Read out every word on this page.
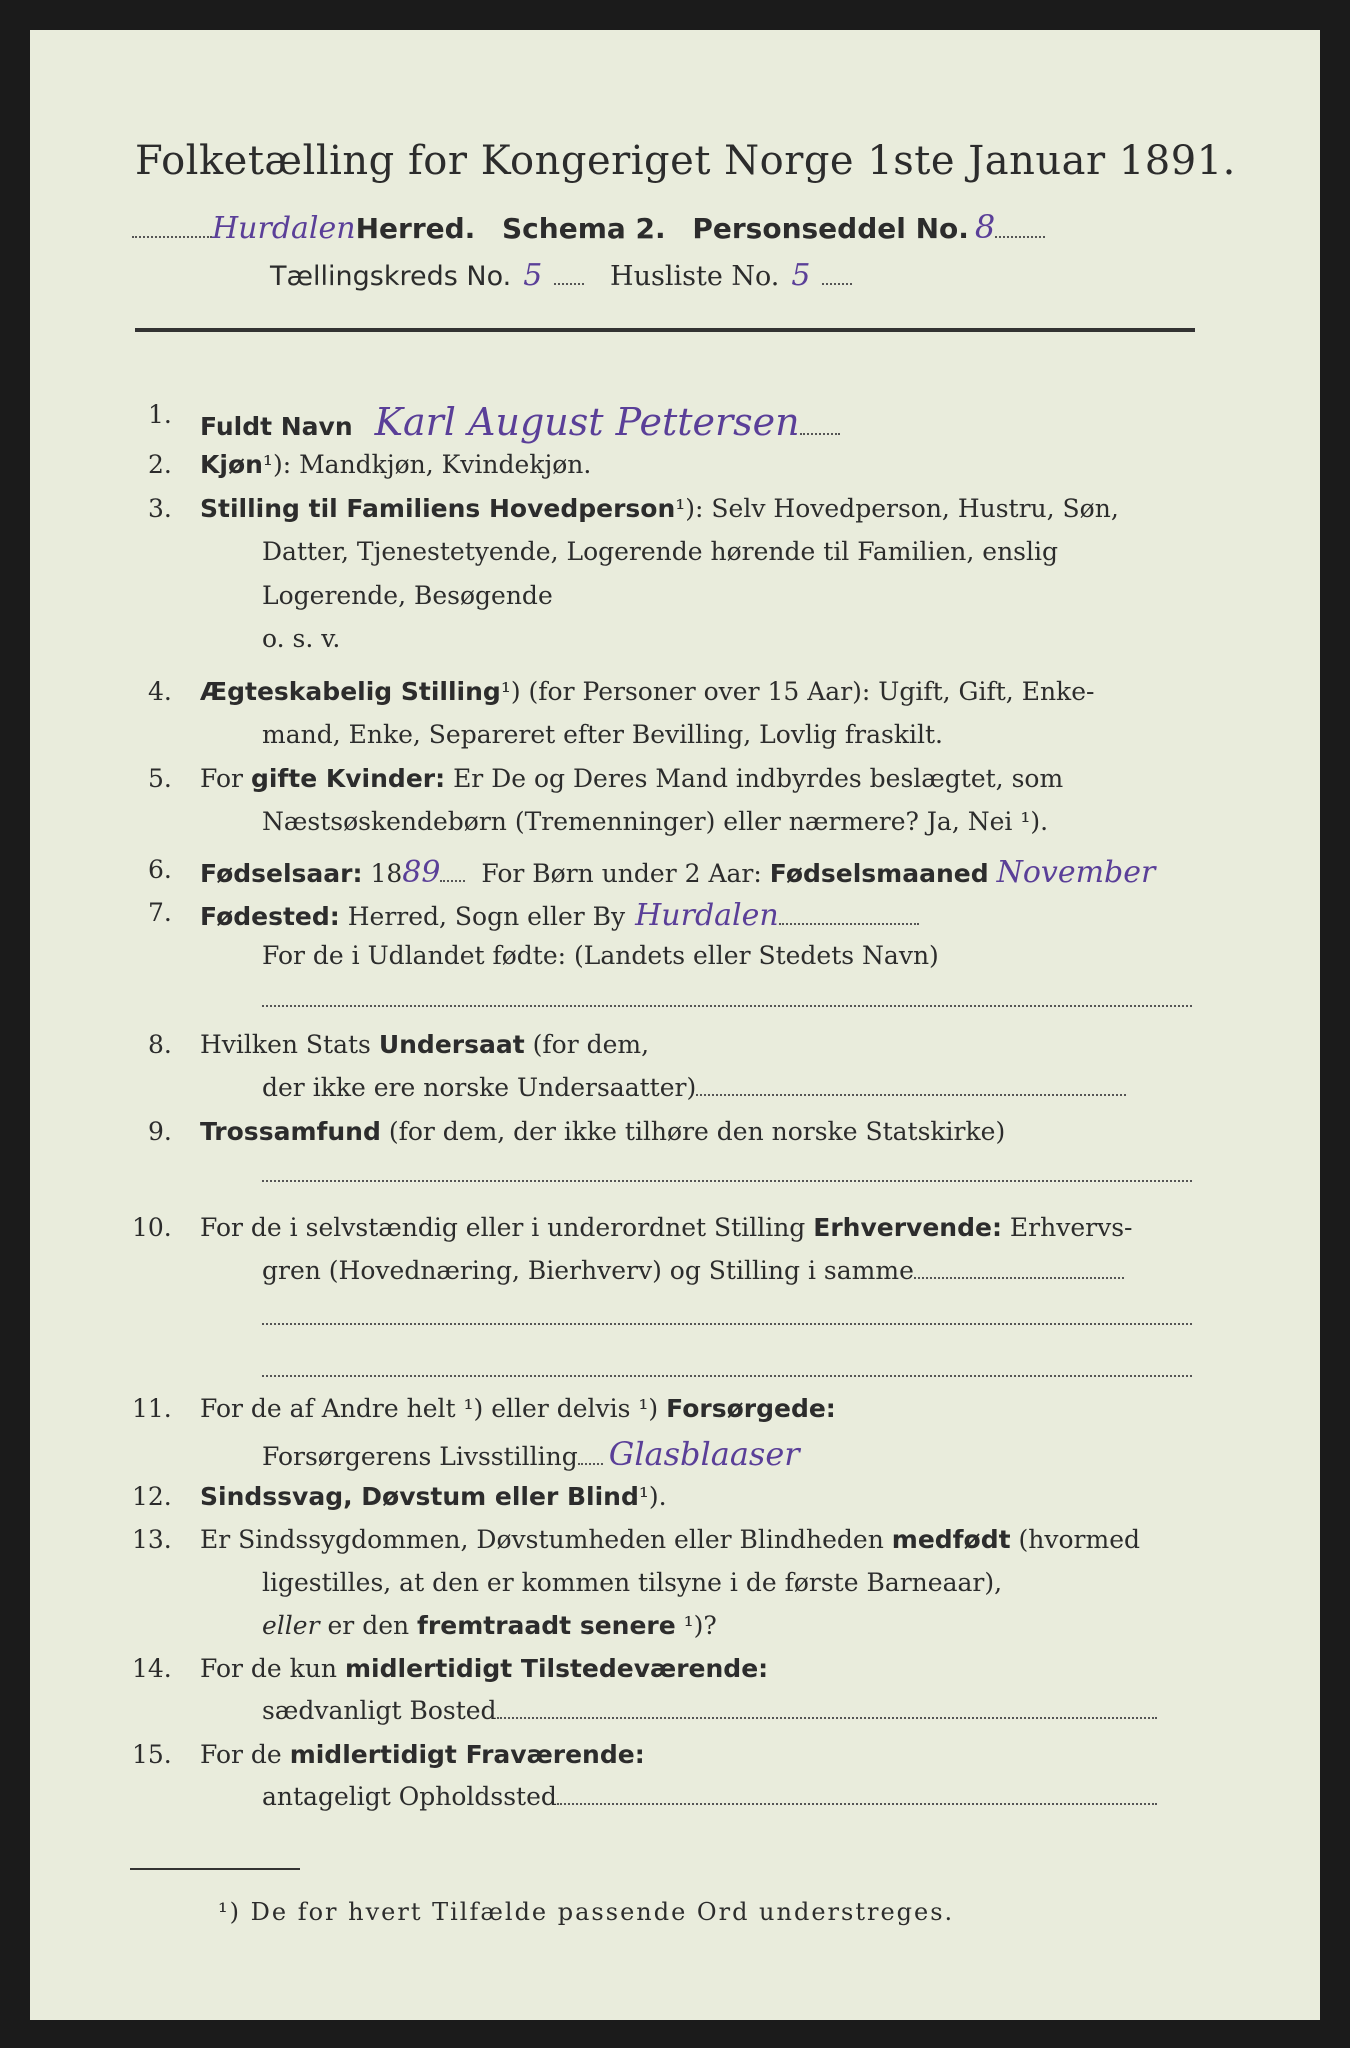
Folketælling for Kongeriget Norge 1ste Januar 1891.
HurdalenHerred. Schema 2. Personseddel No. 8
Tællingskreds No. 5	Husliste No. 5
1. Fuldt Navn Karl August Pettersen
2. Kjøn¹): Mandkjøn, Kvindekjøn.
3. Stilling til Familiens Hovedperson¹): Selv Hovedperson, Hustru, Søn,
Datter, Tjenestetyende, Logerende hørende til Familien, enslig
Logerende, Besøgende
o. s. v.
4. Ægteskabelig Stilling¹) (for Personer over 15 Aar): Ugift, Gift, Enke-
mand, Enke, Separeret efter Bevilling, Lovlig fraskilt.
5. For gifte Kvinder: Er De og Deres Mand indbyrdes beslægtet, som
Næstsøskendebørn (Tremenninger) eller nærmere? Ja, Nei ¹).
6. Fødselsaar: 1889 For Børn under 2 Aar: Fødselsmaaned November
7. Fødested: Herred, Sogn eller By Hurdalen
For de i Udlandet fødte: (Landets eller Stedets Navn)
8. Hvilken Stats Undersaat (for dem,
der ikke ere norske Undersaatter)
9. Trossamfund (for dem, der ikke tilhøre den norske Statskirke)
10. For de i selvstændig eller i underordnet Stilling Erhvervende: Erhvervs-
gren (Hovednæring, Bierhverv) og Stilling i samme
11. For de af Andre helt ¹) eller delvis ¹) Forsørgede:
Forsørgerens Livsstilling Glasblaaser
12. Sindssvag, Døvstum eller Blind¹).
13. Er Sindssygdommen, Døvstumheden eller Blindheden medfødt (hvormed
ligestilles, at den er kommen tilsyne i de første Barneaar),
eller er den fremtraadt senere ¹)?
14. For de kun midlertidigt Tilstedeværende:
sædvanligt Bosted
15. For de midlertidigt Fraværende:
antageligt Opholdssted
¹) De for hvert Tilfælde passende Ord understreges.
